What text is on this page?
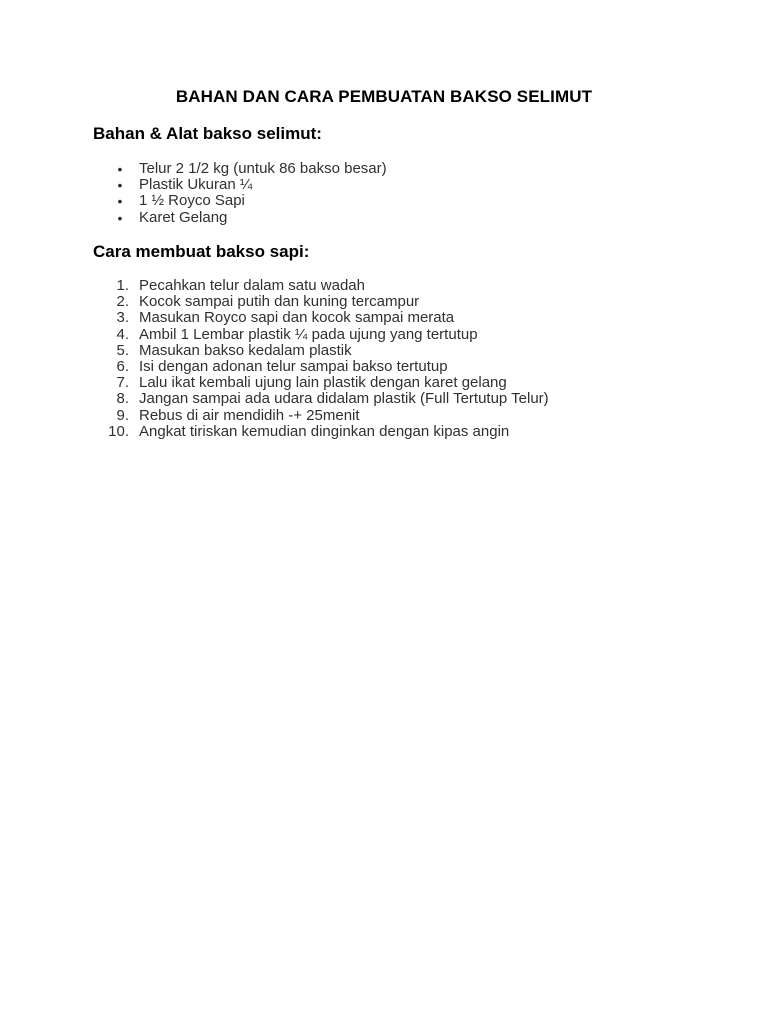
BAHAN DAN CARA PEMBUATAN BAKSO SELIMUT
Bahan & Alat bakso selimut:
• Telur 2 1/2 kg (untuk 86 bakso besar)
• Plastik Ukuran ¼
• 1 ½ Royco Sapi
• Karet Gelang
Cara membuat bakso sapi:
1. Pecahkan telur dalam satu wadah
2. Kocok sampai putih dan kuning tercampur
3. Masukan Royco sapi dan kocok sampai merata
4. Ambil 1 Lembar plastik ¼ pada ujung yang tertutup
5. Masukan bakso kedalam plastik
6. Isi dengan adonan telur sampai bakso tertutup
7. Lalu ikat kembali ujung lain plastik dengan karet gelang
8. Jangan sampai ada udara didalam plastik (Full Tertutup Telur)
9. Rebus di air mendidih -+ 25menit
10. Angkat tiriskan kemudian dinginkan dengan kipas angin
